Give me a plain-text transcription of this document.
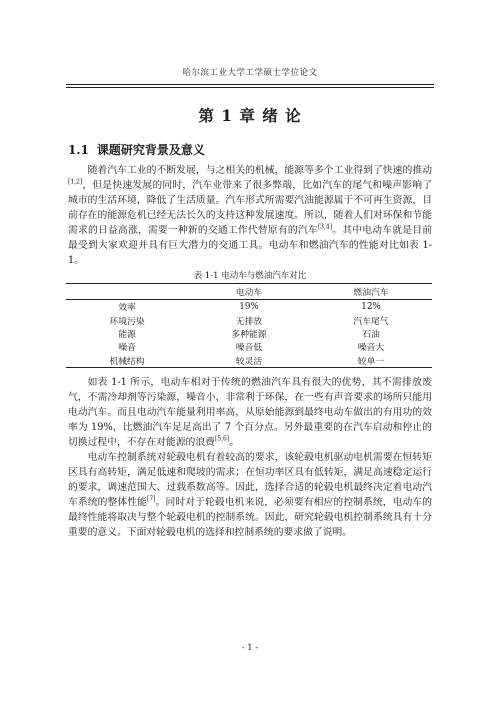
哈尔滨工业大学工学硕士学位论文
第 1 章 绪 论
1.1 课题研究背景及意义

随着汽车工业的不断发展，与之相关的机械，能源等多个工业得到了快速的推动[1,2]，但是快速发展的同时，汽车业带来了很多弊端，比如汽车的尾气和噪声影响了城市的生活环境，降低了生活质量。汽车形式所需要汽油能源属于不可再生资源，目前存在的能源危机已经无法长久的支持这种发展速度。所以，随着人们对环保和节能需求的日益高涨，需要一种新的交通工作代替原有的汽车[3,4]。其中电动车就是目前最受到大家欢迎并具有巨大潜力的交通工具。电动车和燃油汽车的性能对比如表 1-1。

表 1-1 电动车与燃油汽车对比
	电动车	燃油汽车
效率	19%	12%
环境污染	无排放	汽车尾气
能源	多种能源	石油
噪音	噪音低	噪音大
机械结构	较灵活	较单一

如表 1-1 所示，电动车相对于传统的燃油汽车具有很大的优势，其不需排放废气，不需冷却剂等污染源，噪音小，非常利于环保，在一些有声音要求的场所只能用电动汽车。而且电动汽车能量利用率高，从原始能源到最终电动车做出的有用功的效率为 19%，比燃油汽车足足高出了 7 个百分点。另外最重要的在汽车启动和停止的切换过程中，不存在对能源的浪费[5,6]。

电动车控制系统对轮毂电机有着较高的要求，该轮毂电机驱动电机需要在恒转矩区具有高转矩，满足低速和爬坡的需求；在恒功率区具有低转矩，满足高速稳定运行的要求，调速范围大、过载系数高等。因此，选择合适的轮毂电机最终决定着电动汽车系统的整体性能[7]。同时对于轮毂电机来说，必须要有相应的控制系统，电动车的最终性能将取决与整个轮毂电机的控制系统。因此，研究轮毂电机控制系统具有十分重要的意义。下面对轮毂电机的选择和控制系统的要求做了说明。

- 1 -
